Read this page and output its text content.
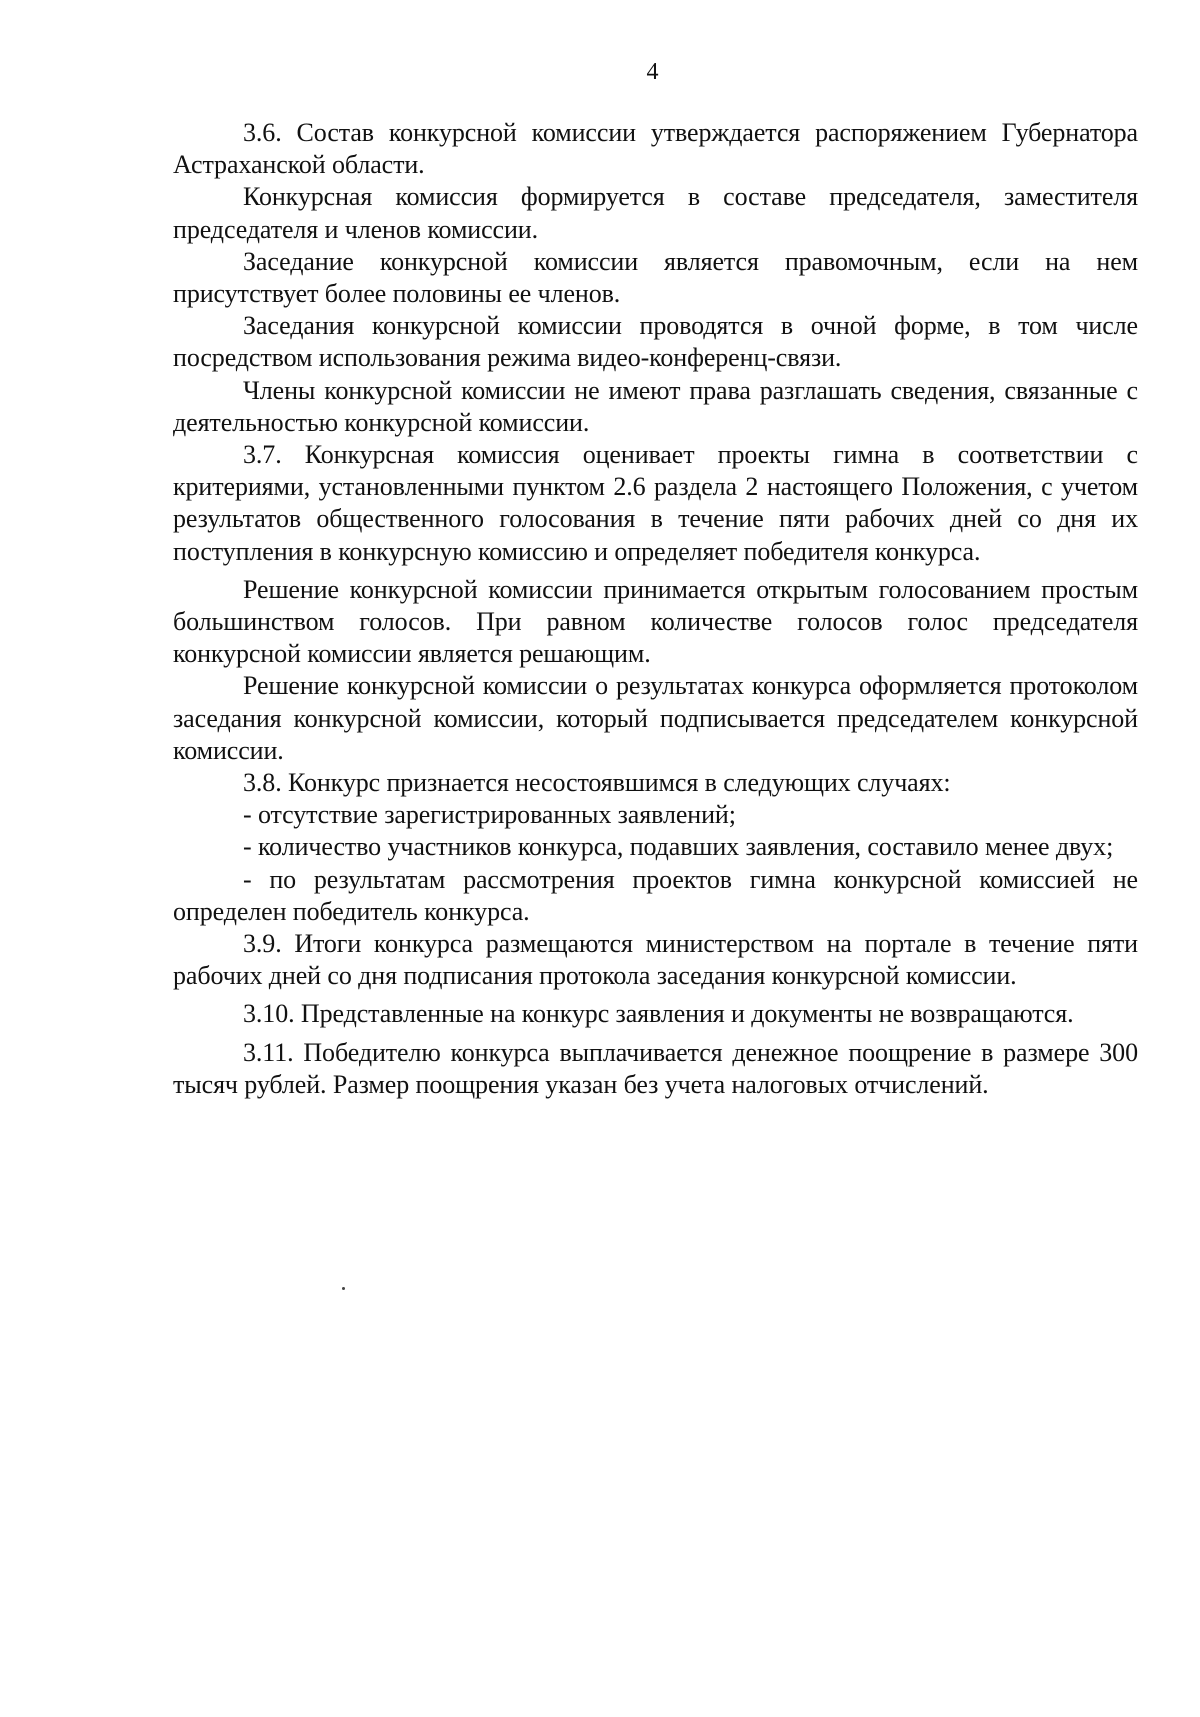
4

3.6. Состав конкурсной комиссии утверждается распоряжением Губернатора Астраханской области.

Конкурсная комиссия формируется в составе председателя, заместителя председателя и членов комиссии.

Заседание конкурсной комиссии является правомочным, если на нем присутствует более половины ее членов.

Заседания конкурсной комиссии проводятся в очной форме, в том числе посредством использования режима видео-конференц-связи.

Члены конкурсной комиссии не имеют права разглашать сведения, связанные с деятельностью конкурсной комиссии.

3.7. Конкурсная комиссия оценивает проекты гимна в соответствии с критериями, установленными пунктом 2.6 раздела 2 настоящего Положения, с учетом результатов общественного голосования в течение пяти рабочих дней со дня их поступления в конкурсную комиссию и определяет победителя конкурса.

Решение конкурсной комиссии принимается открытым голосованием простым большинством голосов. При равном количестве голосов голос председателя конкурсной комиссии является решающим.

Решение конкурсной комиссии о результатах конкурса оформляется протоколом заседания конкурсной комиссии, который подписывается председателем конкурсной комиссии.

3.8. Конкурс признается несостоявшимся в следующих случаях:

- отсутствие зарегистрированных заявлений;

- количество участников конкурса, подавших заявления, составило менее двух;

- по результатам рассмотрения проектов гимна конкурсной комиссией не определен победитель конкурса.

3.9. Итоги конкурса размещаются министерством на портале в течение пяти рабочих дней со дня подписания протокола заседания конкурсной комиссии.

3.10. Представленные на конкурс заявления и документы не возвращаются.

3.11. Победителю конкурса выплачивается денежное поощрение в размере 300 тысяч рублей. Размер поощрения указан без учета налоговых отчислений.
